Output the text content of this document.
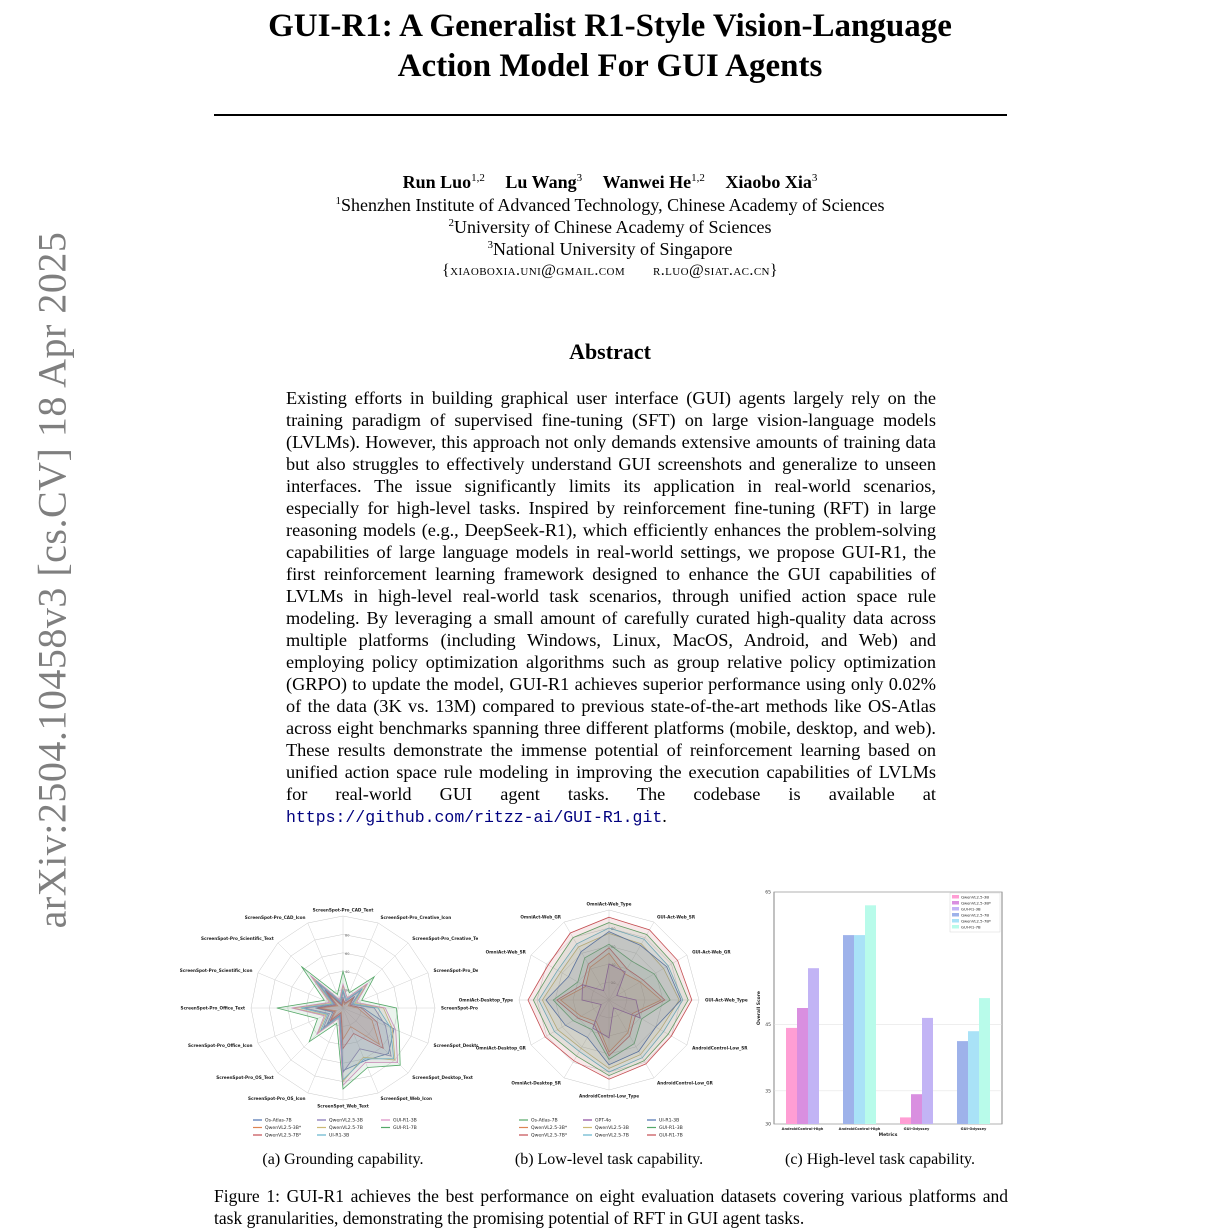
arXiv:2504.10458v3 [cs.CV] 18 Apr 2025
GUI-R1: A Generalist R1-Style Vision-Language
Action Model For GUI Agents
Run Luo$^{1,2}$ Lu Wang$^3$ Wanwei He$^{1,2}$ Xiaobo Xia$^3$
$^1$Shenzhen Institute of Advanced Technology, Chinese Academy of Sciences
$^2$University of Chinese Academy of Sciences
$^3$National University of Singapore
{xiaoboxia.uni@gmail.com r.luo@siat.ac.cn}
Abstract
Existing efforts in building graphical user interface (GUI) agents largely rely on the training paradigm of supervised fine-tuning (SFT) on large vision-language models (LVLMs). However, this approach not only demands extensive amounts of training data but also struggles to effectively understand GUI screenshots and generalize to unseen interfaces. The issue significantly limits its application in real-world scenarios, especially for high-level tasks. Inspired by reinforcement fine-tuning (RFT) in large reasoning models (e.g., DeepSeek-R1), which efficiently enhances the problem-solving capabilities of large language models in real-world settings, we propose GUI-R1, the first reinforcement learning framework designed to enhance the GUI capabilities of LVLMs in high-level real-world task scenarios, through unified action space rule modeling. By leveraging a small amount of carefully curated high-quality data across multiple platforms (including Windows, Linux, MacOS, Android, and Web) and employing policy optimization algorithms such as group relative policy optimization (GRPO) to update the model, GUI-R1 achieves superior performance using only 0.02% of the data (3K vs. 13M) compared to previous state-of-the-art methods like OS-Atlas across eight benchmarks spanning three different platforms (mobile, desktop, and web). These results demonstrate the immense potential of reinforcement learning based on unified action space rule modeling in improving the execution capabilities of LVLMs for real-world GUI agent tasks. The codebase is available at https://github.com/ritzz-ai/GUI-R1.git.
20
40
60
80
ScreenSpot-Pro_CAD_Text
ScreenSpot-Pro_Creative_Icon
ScreenSpot-Pro_Creative_Text
ScreenSpot-Pro_Dev_Icon
ScreenSpot-Pro_Dev_Text
ScreenSpot_Desktop_Icon
ScreenSpot_Desktop_Text
ScreenSpot_Web_Icon
ScreenSpot_Web_Text
ScreenSpot-Pro_OS_Icon
ScreenSpot-Pro_OS_Text
ScreenSpot-Pro_Office_Icon
ScreenSpot-Pro_Office_Text
ScreenSpot-Pro_Scientific_Icon
ScreenSpot-Pro_Scientific_Text
ScreenSpot-Pro_CAD_Icon
Os-Atlas-7B
QwenVL2.5-3B*
QwenVL2.5-7B*
QwenVL2.5-3B
QwenVL2.5-7B
UI-R1-3B
GUI-R1-3B
GUI-R1-7B
20
40
60
80
OmniAct-Web_Type
GUI-Act-Web_SR
GUI-Act-Web_GR
GUI-Act-Web_Type
AndroidControl-Low_SR
AndroidControl-Low_GR
AndroidControl-Low_Type
OmniAct-Desktop_SR
OmniAct-Desktop_GR
OmniAct-Desktop_Type
OmniAct-Web_SR
OmniAct-Web_GR
Os-Atlas-7B
QwenVL2.5-3B*
QwenVL2.5-7B*
GPT-4o
QwenVL2.5-3B
QwenVL2.5-7B
UI-R1-3B
GUI-R1-3B
GUI-R1-7B
30
35
45
65
Overall Score
AndroidControl-High	AndroidControl-High	GUI-Odyssey	GUI-Odyssey
Metrics
QwenVL2.5-3B
QwenVL2.5-3B*
GUI-R1-3B
QwenVL2.5-7B
QwenVL2.5-7B*
GUI-R1-7B
(a) Grounding capability.	(b) Low-level task capability.	(c) High-level task capability.
Figure 1: GUI-R1 achieves the best performance on eight evaluation datasets covering various platforms and task granularities, demonstrating the promising potential of RFT in GUI agent tasks.
